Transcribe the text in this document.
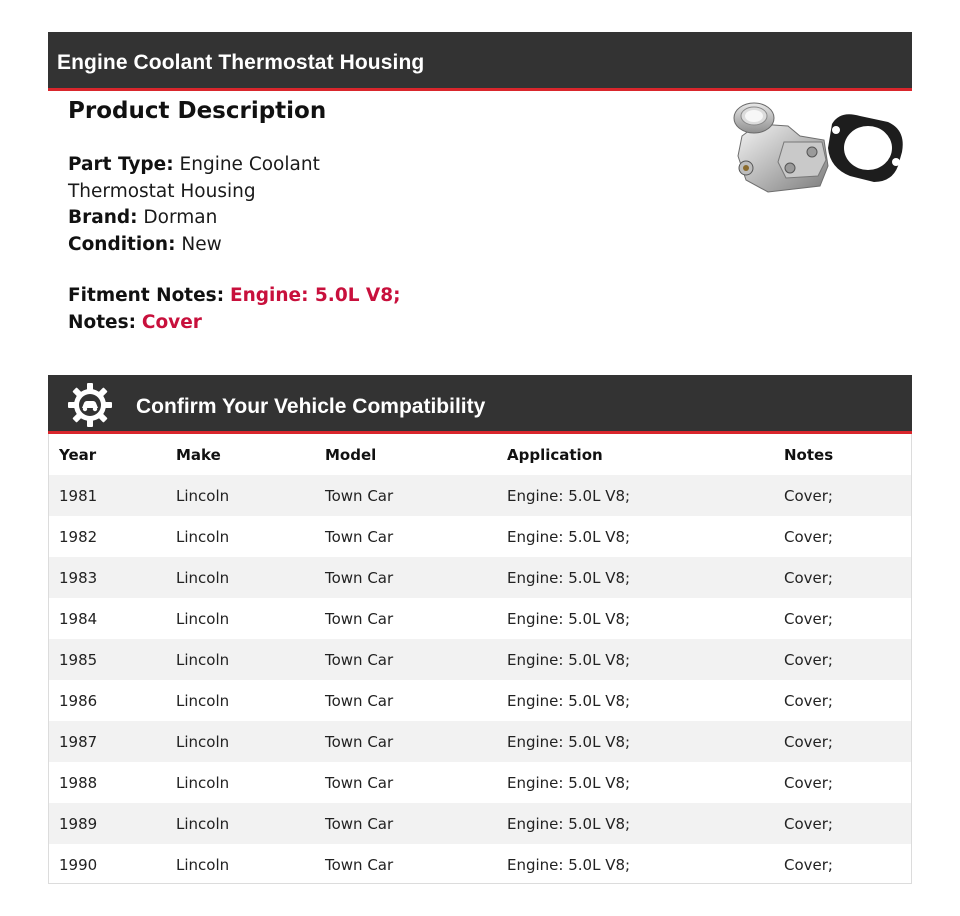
Engine Coolant Thermostat Housing
Product Description
Part Type: Engine Coolant Thermostat Housing
Brand: Dorman
Condition: New
Fitment Notes: Engine: 5.0L V8;
Notes: Cover
Confirm Your Vehicle Compatibility
Year	Make	Model	Application	Notes
1981	Lincoln	Town Car	Engine: 5.0L V8;	Cover;
1982	Lincoln	Town Car	Engine: 5.0L V8;	Cover;
1983	Lincoln	Town Car	Engine: 5.0L V8;	Cover;
1984	Lincoln	Town Car	Engine: 5.0L V8;	Cover;
1985	Lincoln	Town Car	Engine: 5.0L V8;	Cover;
1986	Lincoln	Town Car	Engine: 5.0L V8;	Cover;
1987	Lincoln	Town Car	Engine: 5.0L V8;	Cover;
1988	Lincoln	Town Car	Engine: 5.0L V8;	Cover;
1989	Lincoln	Town Car	Engine: 5.0L V8;	Cover;
1990	Lincoln	Town Car	Engine: 5.0L V8;	Cover;
